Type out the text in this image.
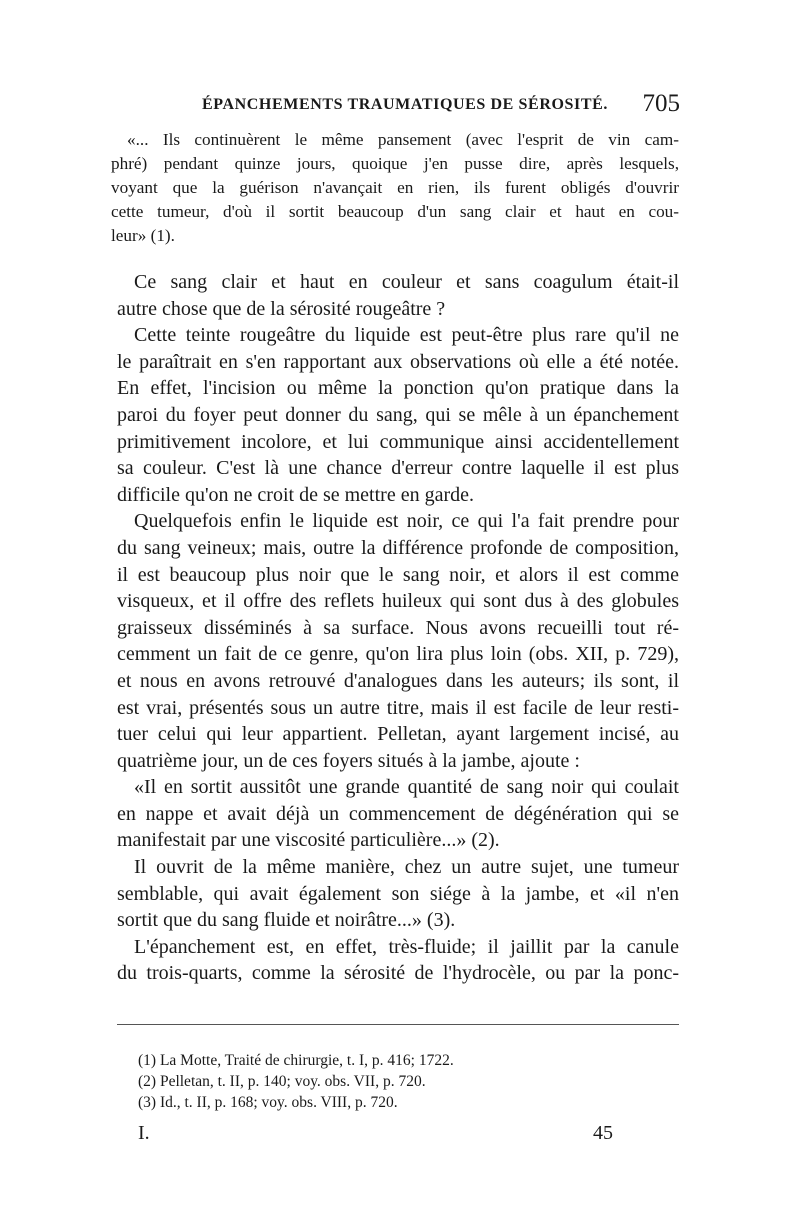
ÉPANCHEMENTS TRAUMATIQUES DE SÉROSITÉ. 705
«... Ils continuèrent le même pansement (avec l'esprit de vin cam-
phré) pendant quinze jours, quoique j'en pusse dire, après lesquels,
voyant que la guérison n'avançait en rien, ils furent obligés d'ouvrir
cette tumeur, d'où il sortit beaucoup d'un sang clair et haut en cou-
leur» (1).
Ce sang clair et haut en couleur et sans coagulum était-il
autre chose que de la sérosité rougeâtre ?
Cette teinte rougeâtre du liquide est peut-être plus rare qu'il ne
le paraîtrait en s'en rapportant aux observations où elle a été notée.
En effet, l'incision ou même la ponction qu'on pratique dans la
paroi du foyer peut donner du sang, qui se mêle à un épanchement
primitivement incolore, et lui communique ainsi accidentellement
sa couleur. C'est là une chance d'erreur contre laquelle il est plus
difficile qu'on ne croit de se mettre en garde.
Quelquefois enfin le liquide est noir, ce qui l'a fait prendre pour
du sang veineux; mais, outre la différence profonde de composition,
il est beaucoup plus noir que le sang noir, et alors il est comme
visqueux, et il offre des reflets huileux qui sont dus à des globules
graisseux disséminés à sa surface. Nous avons recueilli tout ré-
cemment un fait de ce genre, qu'on lira plus loin (obs. XII, p. 729),
et nous en avons retrouvé d'analogues dans les auteurs; ils sont, il
est vrai, présentés sous un autre titre, mais il est facile de leur resti-
tuer celui qui leur appartient. Pelletan, ayant largement incisé, au
quatrième jour, un de ces foyers situés à la jambe, ajoute :
«Il en sortit aussitôt une grande quantité de sang noir qui coulait
en nappe et avait déjà un commencement de dégénération qui se
manifestait par une viscosité particulière...» (2).
Il ouvrit de la même manière, chez un autre sujet, une tumeur
semblable, qui avait également son siége à la jambe, et «il n'en
sortit que du sang fluide et noirâtre...» (3).
L'épanchement est, en effet, très-fluide; il jaillit par la canule
du trois-quarts, comme la sérosité de l'hydrocèle, ou par la ponc-
(1) La Motte, Traité de chirurgie, t. I, p. 416; 1722.
(2) Pelletan, t. II, p. 140; voy. obs. VII, p. 720.
(3) Id., t. II, p. 168; voy. obs. VIII, p. 720.
I.	45
